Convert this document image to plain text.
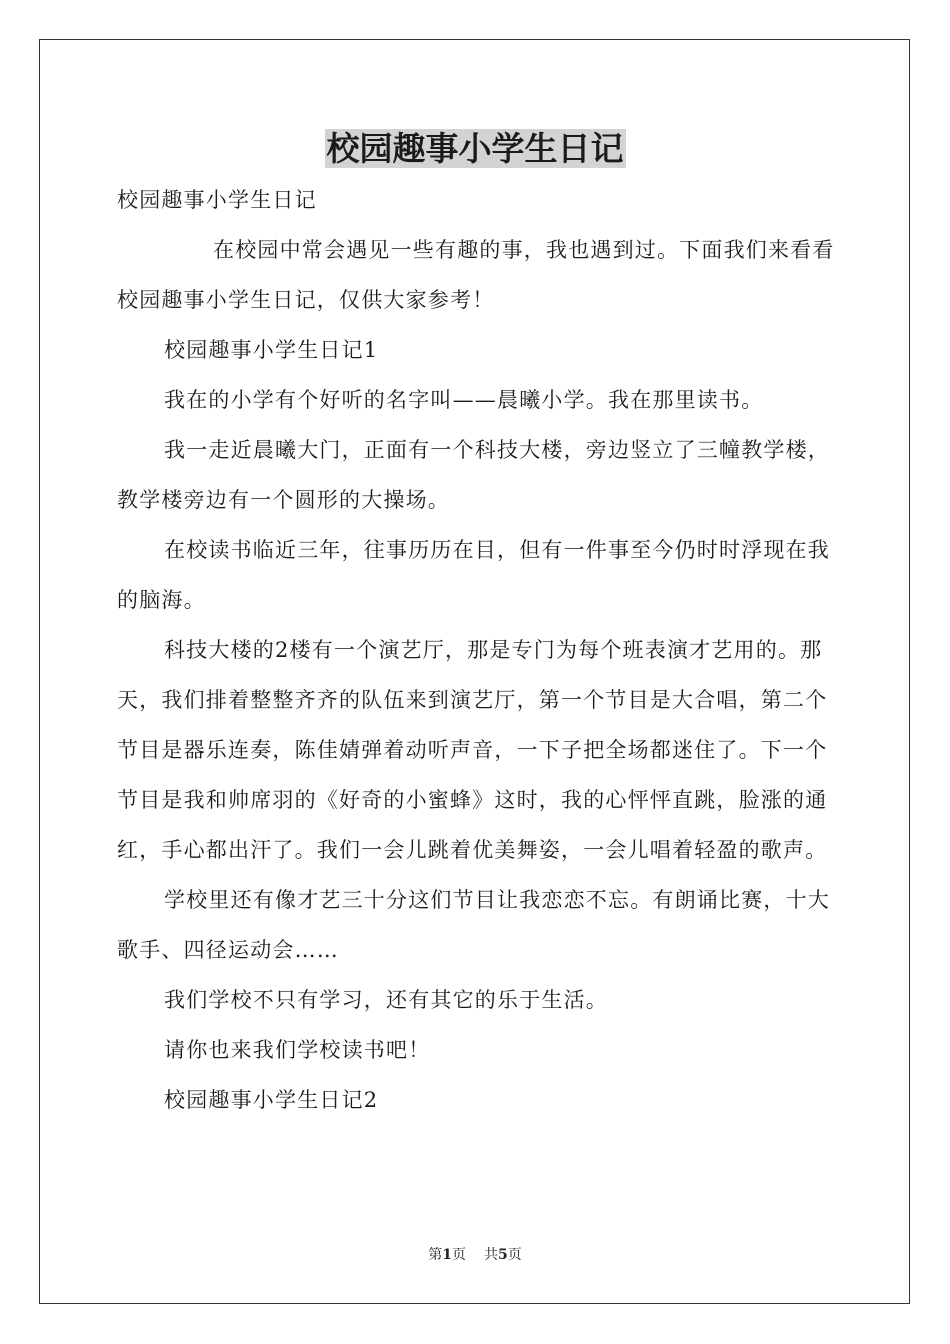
校园趣事小学生日记

校园趣事小学生日记

在校园中常会遇见一些有趣的事，我也遇到过。下面我们来看看校园趣事小学生日记，仅供大家参考！

校园趣事小学生日记1

我在的小学有个好听的名字叫——晨曦小学。我在那里读书。

我一走近晨曦大门，正面有一个科技大楼，旁边竖立了三幢教学楼，教学楼旁边有一个圆形的大操场。

在校读书临近三年，往事历历在目，但有一件事至今仍时时浮现在我的脑海。

科技大楼的2楼有一个演艺厅，那是专门为每个班表演才艺用的。那天，我们排着整整齐齐的队伍来到演艺厅，第一个节目是大合唱，第二个节目是器乐连奏，陈佳婧弹着动听声音，一下子把全场都迷住了。下一个节目是我和帅席羽的《好奇的小蜜蜂》这时，我的心怦怦直跳，脸涨的通红，手心都出汗了。我们一会儿跳着优美舞姿，一会儿唱着轻盈的歌声。

学校里还有像才艺三十分这们节目让我恋恋不忘。有朗诵比赛，十大歌手、四径运动会……

我们学校不只有学习，还有其它的乐于生活。

请你也来我们学校读书吧！

校园趣事小学生日记2

第1页 共5页
